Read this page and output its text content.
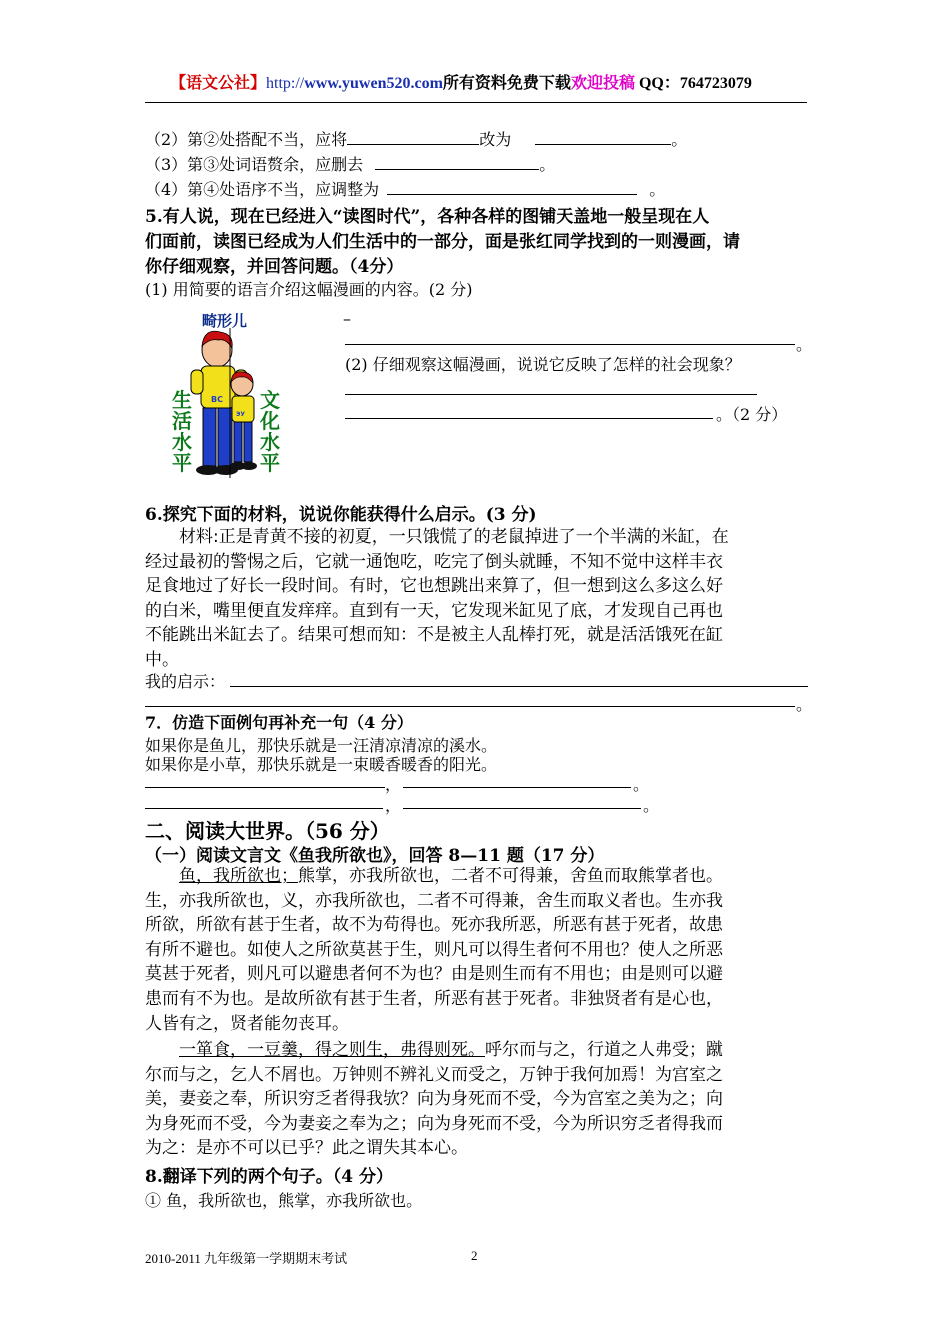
【语文公社】http://www.yuwen520.com所有资料免费下载欢迎投稿 QQ：764723079
（2）第②处搭配不当，应将	改为	。
（3）第③处词语赘余，应删去	。
（4）第④处语序不当，应调整为	。
5.有人说，现在已经进入“读图时代”，各种各样的图铺天盖地一般呈现在人
们面前，读图已经成为人们生活中的一部分，面是张红同学找到的一则漫画，请
你仔细观察，并回答问题。（4分）
(1) 用简要的语言介绍这幅漫画的内容。(2 分)
畸形儿
BC
ЭУ
生活水平
文化水平
–
。
(2) 仔细观察这幅漫画，说说它反映了怎样的社会现象？
。（2 分）
6.探究下面的材料，说说你能获得什么启示。(3 分)
材料:正是青黄不接的初夏，一只饿慌了的老鼠掉进了一个半满的米缸，在
经过最初的警惕之后，它就一通饱吃，吃完了倒头就睡，不知不觉中这样丰衣
足食地过了好长一段时间。有时，它也想跳出来算了，但一想到这么多这么好
的白米，嘴里便直发痒痒。直到有一天，它发现米缸见了底，才发现自己再也
不能跳出米缸去了。结果可想而知：不是被主人乱棒打死，就是活活饿死在缸
中。
我的启示：
。
7．仿造下面例句再补充一句（4 分）
如果你是鱼儿，那快乐就是一汪清凉清凉的溪水。
如果你是小草，那快乐就是一束暖香暖香的阳光。
，	。
，	。
二、阅读大世界。（56 分）
（一）阅读文言文《鱼我所欲也》，回答 8—11 题（17 分）
鱼，我所欲也；熊掌，亦我所欲也，二者不可得兼，舍鱼而取熊掌者也。
生，亦我所欲也，义，亦我所欲也，二者不可得兼，舍生而取义者也。生亦我
所欲，所欲有甚于生者，故不为苟得也。死亦我所恶，所恶有甚于死者，故患
有所不避也。如使人之所欲莫甚于生，则凡可以得生者何不用也？使人之所恶
莫甚于死者，则凡可以避患者何不为也？由是则生而有不用也；由是则可以避
患而有不为也。是故所欲有甚于生者，所恶有甚于死者。非独贤者有是心也，
人皆有之，贤者能勿丧耳。
一箪食，一豆羹，得之则生，弗得则死。呼尔而与之，行道之人弗受；蹴
尔而与之，乞人不屑也。万钟则不辨礼义而受之，万钟于我何加焉！为宫室之
美，妻妾之奉，所识穷乏者得我欤？向为身死而不受，今为宫室之美为之；向
为身死而不受，今为妻妾之奉为之；向为身死而不受，今为所识穷乏者得我而
为之：是亦不可以已乎？此之谓失其本心。
8.翻译下列的两个句子。（4 分）
① 鱼，我所欲也，熊掌，亦我所欲也。
2010-2011 九年级第一学期期末考试	2
